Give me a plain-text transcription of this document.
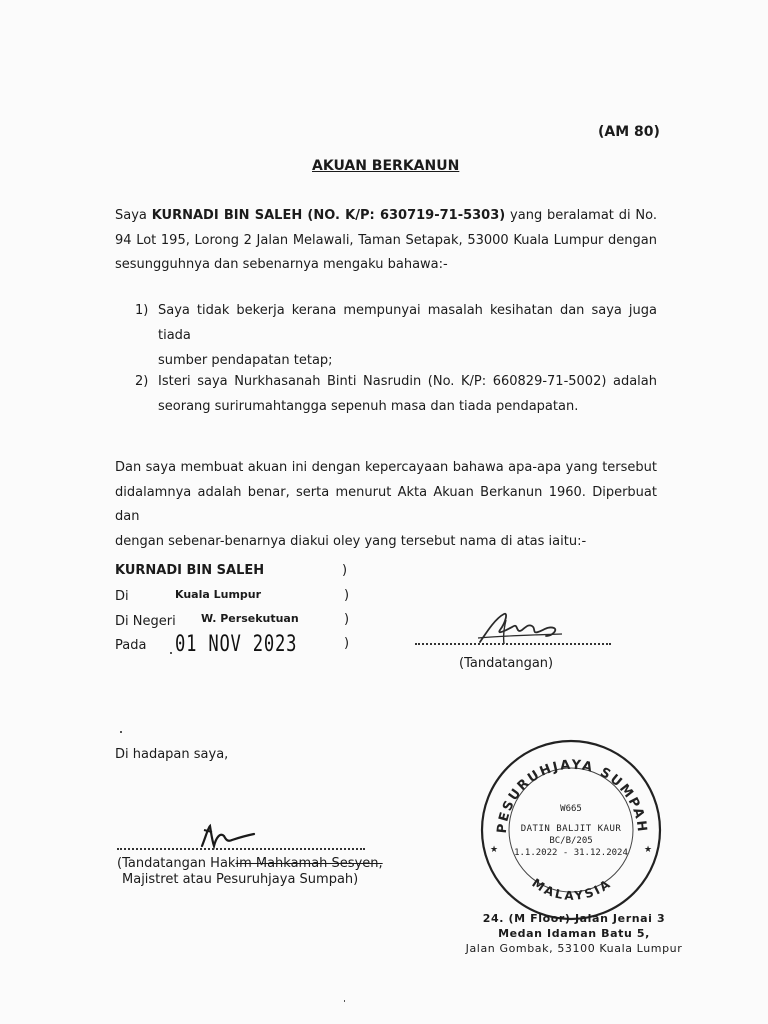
(AM 80)
AKUAN BERKANUN
Saya KURNADI BIN SALEH (NO. K/P: 630719-71-5303) yang beralamat di No. 94 Lot 195, Lorong 2 Jalan Melawali, Taman Setapak, 53000 Kuala Lumpur dengan
sesungguhnya dan sebenarnya mengaku bahawa:-
1) Saya tidak bekerja kerana mempunyai masalah kesihatan dan saya juga tiada
sumber pendapatan tetap;
2) Isteri saya Nurkhasanah Binti Nasrudin (No. K/P: 660829-71-5002) adalah
seorang surirumahtangga sepenuh masa dan tiada pendapatan.
Dan saya membuat akuan ini dengan kepercayaan bahawa apa-apa yang tersebut didalamnya adalah benar, serta menurut Akta Akuan Berkanun 1960. Diperbuat dan
dengan sebenar-benarnya diakui oley yang tersebut nama di atas iaitu:-
KURNADI BIN SALEH	)
Di	Kuala Lumpur	)
Di Negeri W. Persekutuan	)
Pada 01 NOV 2023	)
(Tandatangan)
Di hadapan saya,
(Tandatangan Hakim Mahkamah Sesyen,
Majistret atau Pesuruhjaya Sumpah)
PESURUHJAYA SUMPAH
MALAYSIA
W665
DATIN BALJIT KAUR
BC/B/205
1.1.2022 - 31.12.2024
★	★
24. (M Floor) Jalan Jernai 3
Medan Idaman Batu 5,
Jalan Gombak, 53100 Kuala Lumpur
